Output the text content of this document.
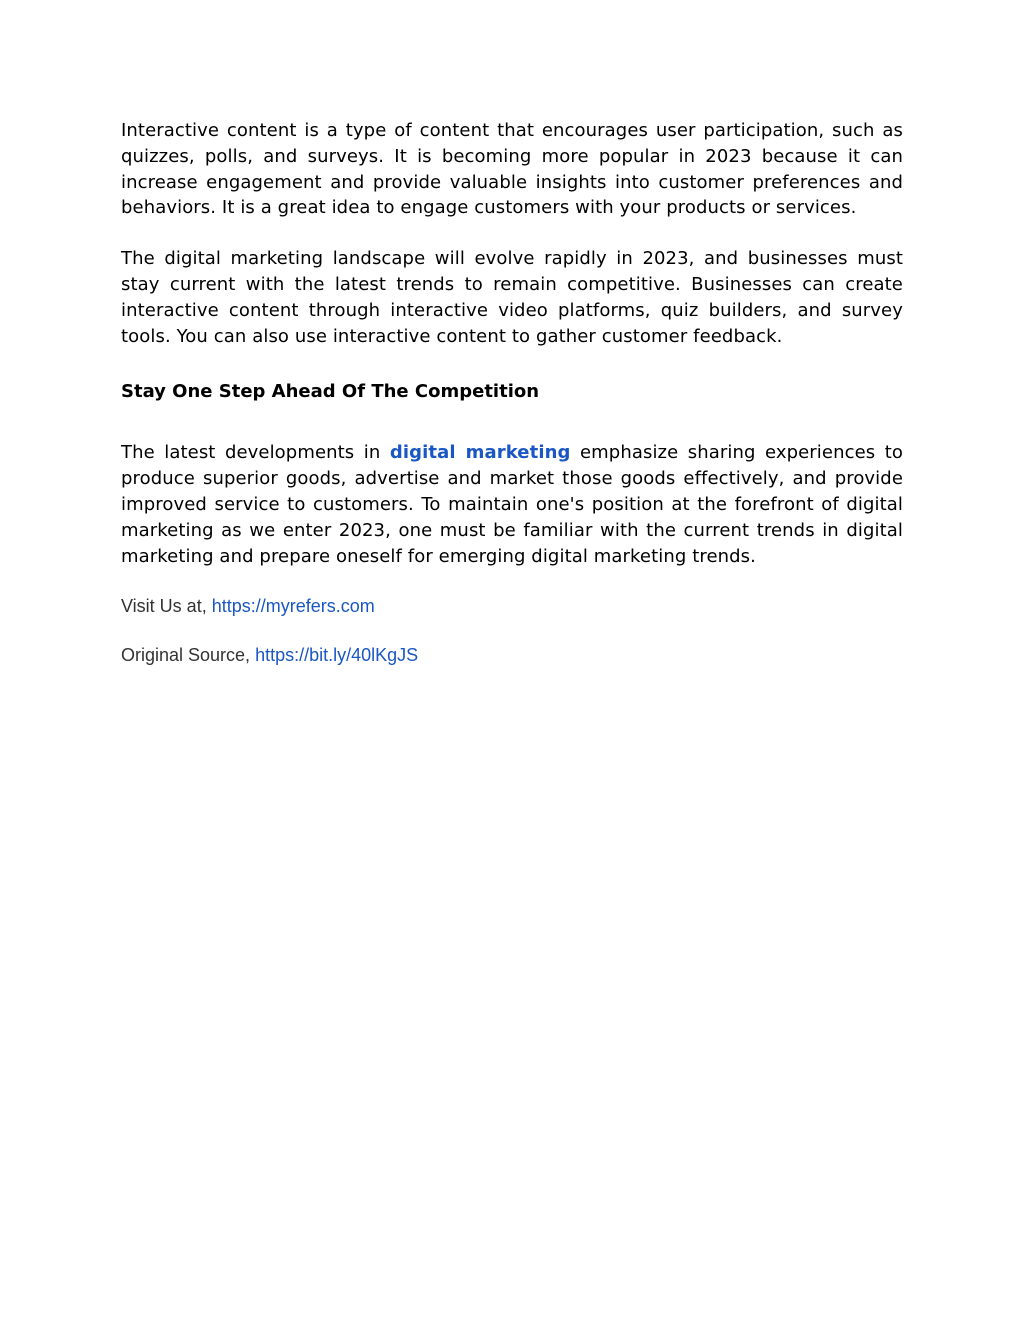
Interactive content is a type of content that encourages user participation, such as quizzes, polls, and surveys. It is becoming more popular in 2023 because it can increase engagement and provide valuable insights into customer preferences and behaviors. It is a great idea to engage customers with your products or services.

The digital marketing landscape will evolve rapidly in 2023, and businesses must stay current with the latest trends to remain competitive. Businesses can create interactive content through interactive video platforms, quiz builders, and survey tools. You can also use interactive content to gather customer feedback.

Stay One Step Ahead Of The Competition

The latest developments in digital marketing emphasize sharing experiences to produce superior goods, advertise and market those goods effectively, and provide improved service to customers. To maintain one's position at the forefront of digital marketing as we enter 2023, one must be familiar with the current trends in digital marketing and prepare oneself for emerging digital marketing trends.

Visit Us at, https://myrefers.com

Original Source, https://bit.ly/40lKgJS
